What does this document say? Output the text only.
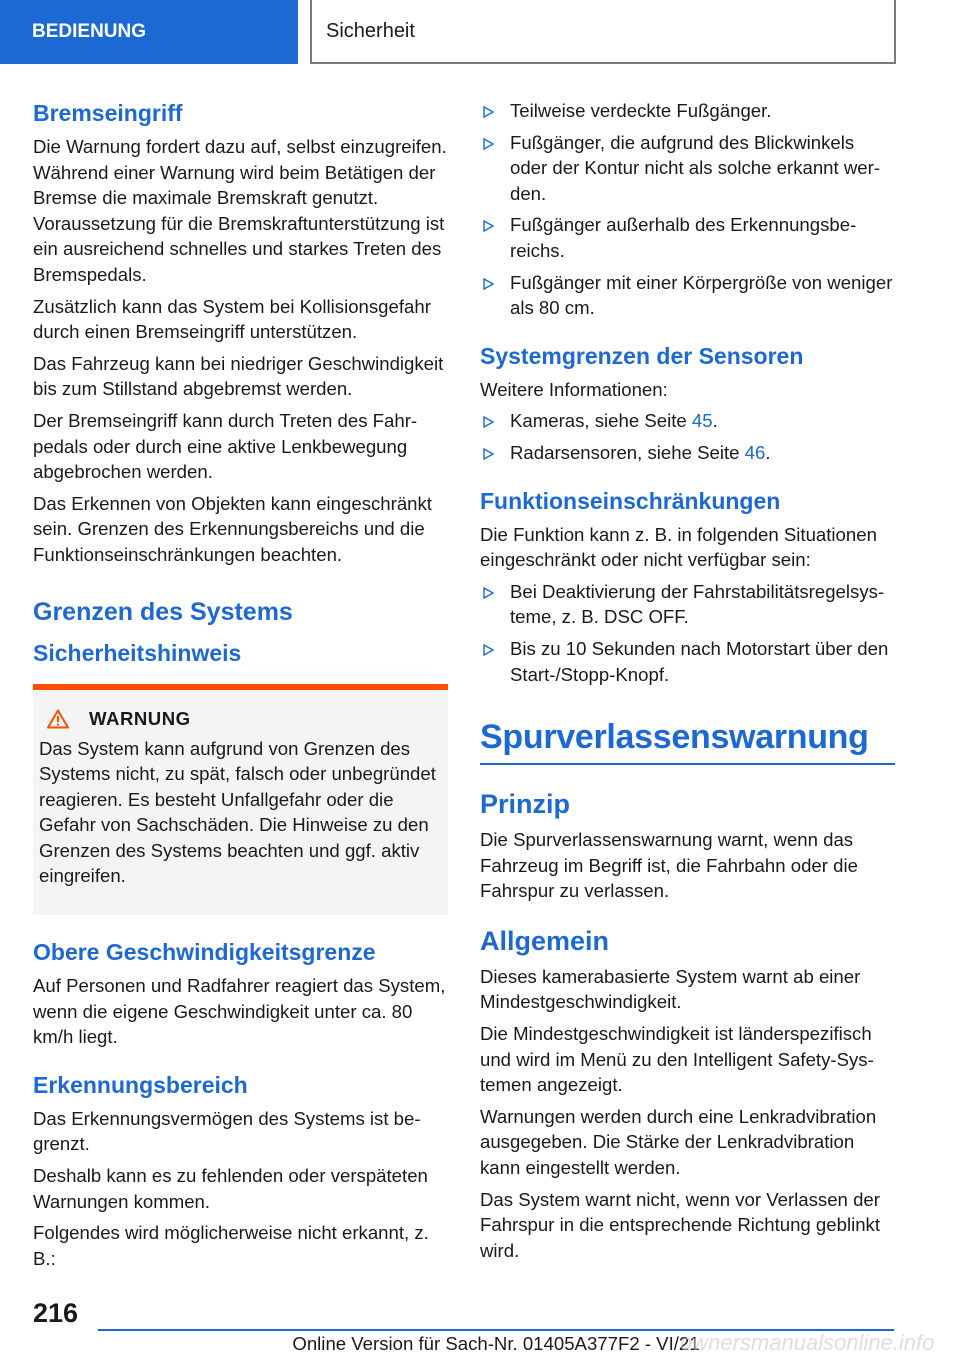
BEDIENUNG	Sicherheit
Bremseingriff

Die Warnung fordert dazu auf, selbst einzugreifen. Während einer Warnung wird beim Betätigen der Bremse die maximale Bremskraft genutzt. Voraussetzung für die Bremskraftunterstützung ist ein ausreichend schnelles und starkes Treten des Bremspedals.

Zusätzlich kann das System bei Kollisionsgefahr durch einen Bremseingriff unterstützen.

Das Fahrzeug kann bei niedriger Geschwindigkeit bis zum Stillstand abgebremst werden.

Der Bremseingriff kann durch Treten des Fahrpedals oder durch eine aktive Lenkbewegung abgebrochen werden.

Das Erkennen von Objekten kann eingeschränkt sein. Grenzen des Erkennungsbereichs und die Funktionseinschränkungen beachten.

Grenzen des Systems
Sicherheitshinweis
WARNUNG

Das System kann aufgrund von Grenzen des Systems nicht, zu spät, falsch oder unbegründet reagieren. Es besteht Unfallgefahr oder die Gefahr von Sachschäden. Die Hinweise zu den Grenzen des Systems beachten und ggf. aktiv eingreifen.

Obere Geschwindigkeitsgrenze

Auf Personen und Radfahrer reagiert das System, wenn die eigene Geschwindigkeit unter ca. 80 km/h liegt.

Erkennungsbereich

Das Erkennungsvermögen des Systems ist begrenzt.

Deshalb kann es zu fehlenden oder verspäteten Warnungen kommen.

Folgendes wird möglicherweise nicht erkannt, z. B.:

Teilweise verdeckte Fußgänger.
Fußgänger, die aufgrund des Blickwinkels oder der Kontur nicht als solche erkannt werden.
Fußgänger außerhalb des Erkennungsbereichs.
Fußgänger mit einer Körpergröße von weniger als 80 cm.
Systemgrenzen der Sensoren

Weitere Informationen:

Kameras, siehe Seite 45.
Radarsensoren, siehe Seite 46.
Funktionseinschränkungen

Die Funktion kann z. B. in folgenden Situationen eingeschränkt oder nicht verfügbar sein:

Bei Deaktivierung der Fahrstabilitätsregelsysteme, z. B. DSC OFF.
Bis zu 10 Sekunden nach Motorstart über den Start-/Stopp-Knopf.
Spurverlassenswarnung
Prinzip

Die Spurverlassenswarnung warnt, wenn das Fahrzeug im Begriff ist, die Fahrbahn oder die Fahrspur zu verlassen.

Allgemein

Dieses kamerabasierte System warnt ab einer Mindestgeschwindigkeit.

Die Mindestgeschwindigkeit ist länderspezifisch und wird im Menü zu den Intelligent Safety-Systemen angezeigt.

Warnungen werden durch eine Lenkradvibration ausgegeben. Die Stärke der Lenkradvibration kann eingestellt werden.

Das System warnt nicht, wenn vor Verlassen der Fahrspur in die entsprechende Richtung geblinkt wird.

216
Online Version für Sach-Nr. 01405A377F2 - VI/21
ownersmanualsonline.info
